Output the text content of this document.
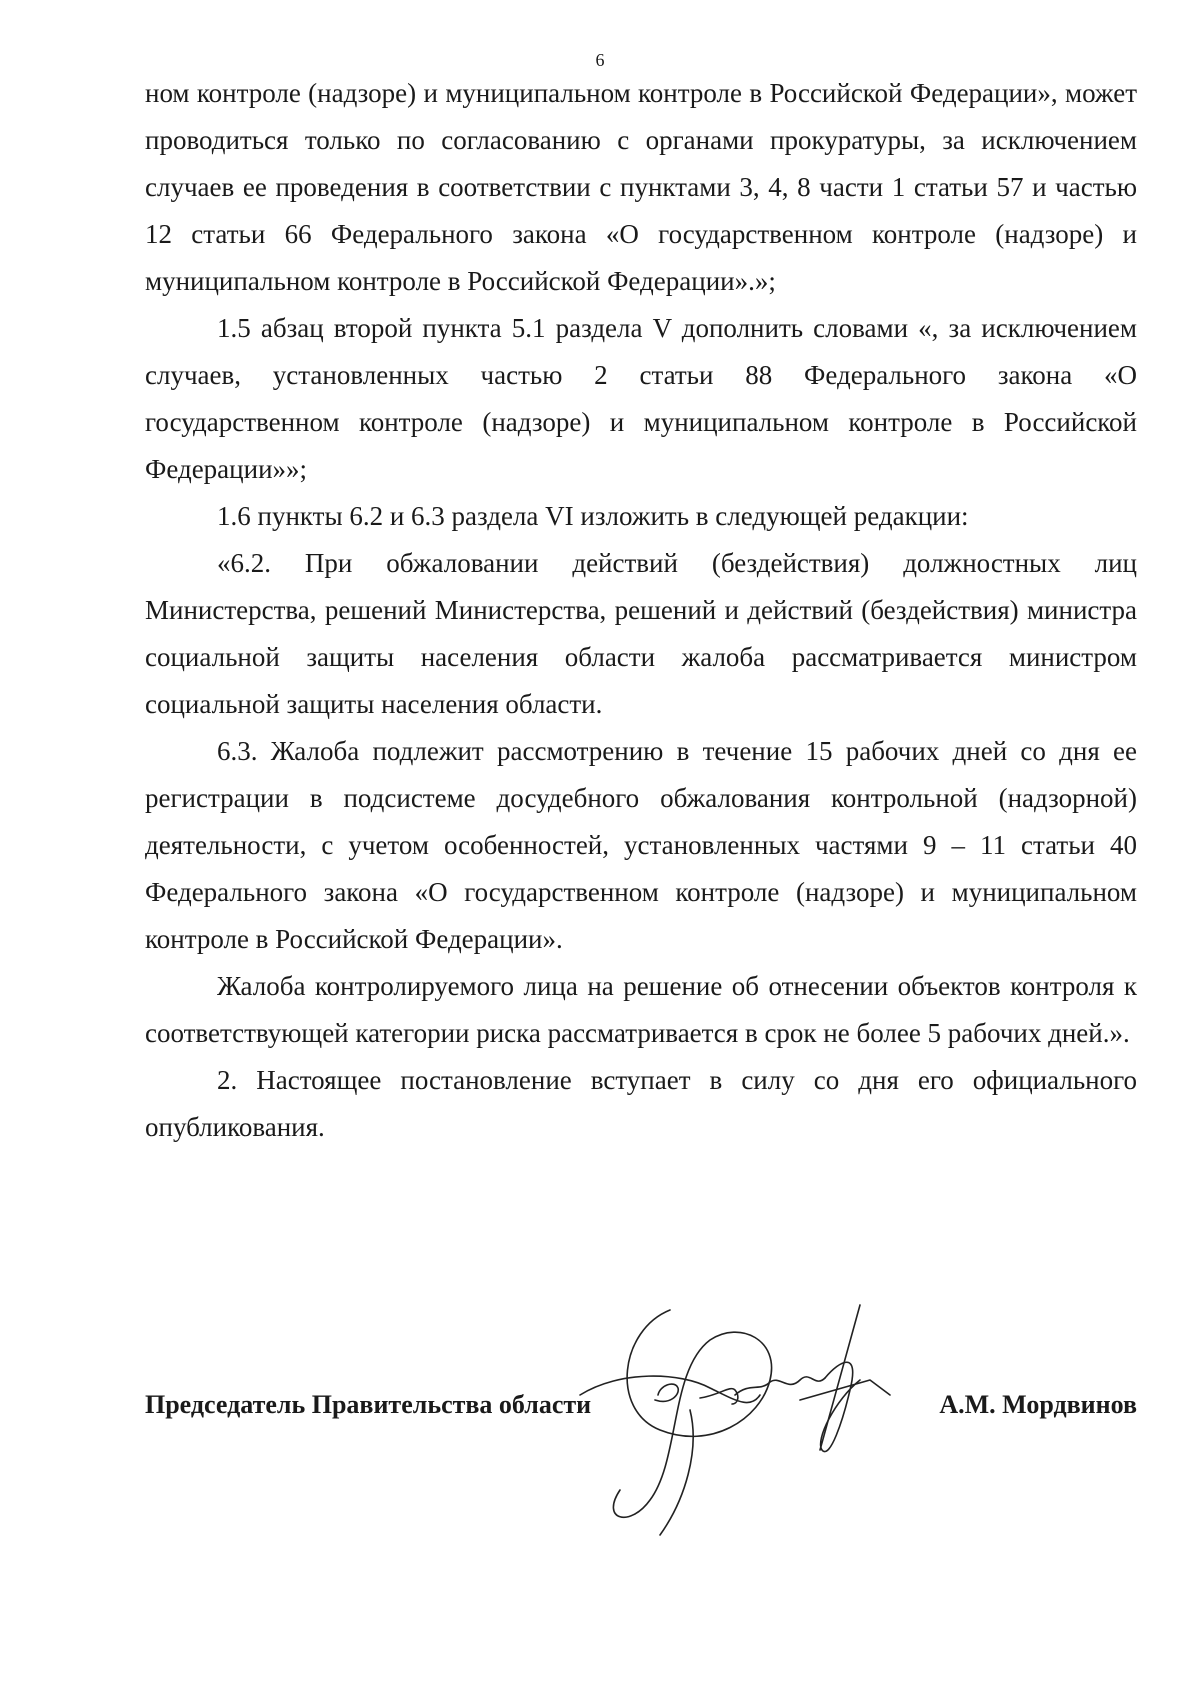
6

ном контроле (надзоре) и муниципальном контроле в Российской Федерации», может проводиться только по согласованию с органами прокуратуры, за исключением случаев ее проведения в соответствии с пунктами 3, 4, 8 части 1 статьи 57 и частью 12 статьи 66 Федерального закона «О государственном контроле (надзоре) и муниципальном контроле в Российской Федерации».»;

1.5 абзац второй пункта 5.1 раздела V дополнить словами «, за исключением случаев, установленных частью 2 статьи 88 Федерального закона «О государственном контроле (надзоре) и муниципальном контроле в Российской Федерации»»;

1.6 пункты 6.2 и 6.3 раздела VI изложить в следующей редакции:

«6.2. При обжаловании действий (бездействия) должностных лиц Министерства, решений Министерства, решений и действий (бездействия) министра социальной защиты населения области жалоба рассматривается министром социальной защиты населения области.

6.3. Жалоба подлежит рассмотрению в течение 15 рабочих дней со дня ее регистрации в подсистеме досудебного обжалования контрольной (надзорной) деятельности, с учетом особенностей, установленных частями 9 – 11 статьи 40 Федерального закона «О государственном контроле (надзоре) и муниципальном контроле в Российской Федерации».

Жалоба контролируемого лица на решение об отнесении объектов контроля к соответствующей категории риска рассматривается в срок не более 5 рабочих дней.».

2. Настоящее постановление вступает в силу со дня его официального опубликования.

Председатель Правительства области	А.М. Мордвинов
